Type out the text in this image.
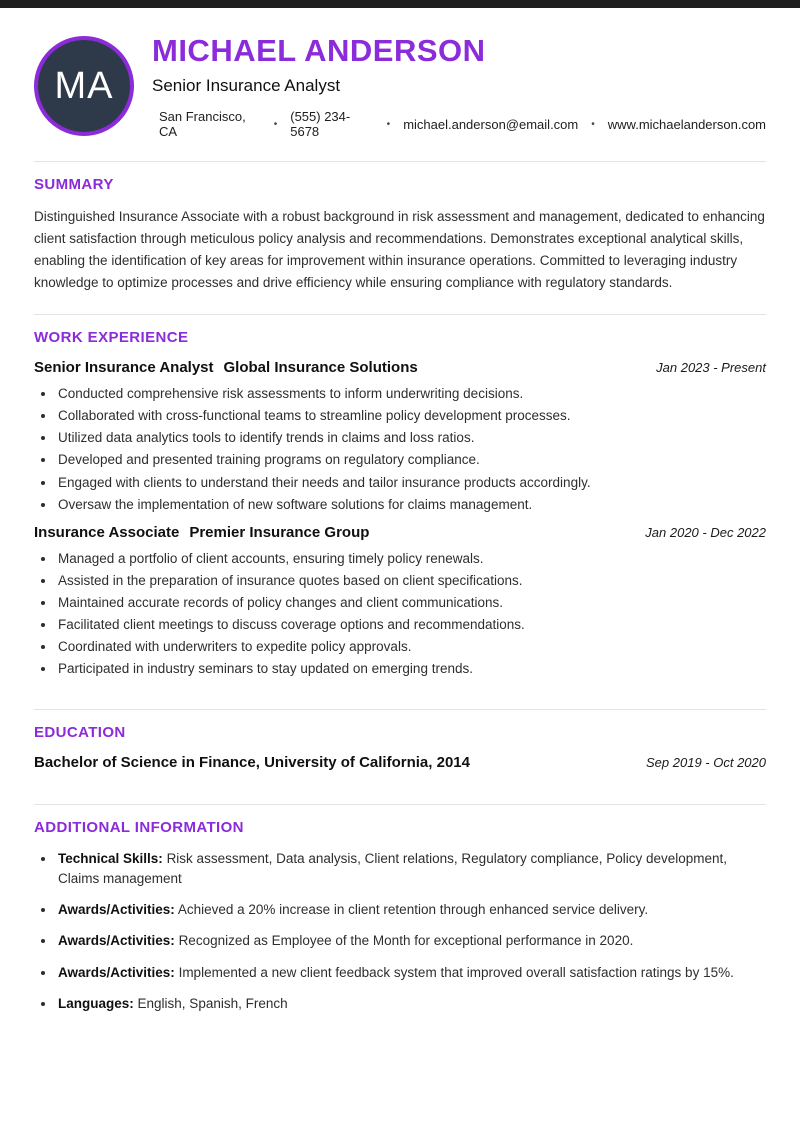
MA
MICHAEL ANDERSON
Senior Insurance Analyst
San Francisco, CA	• (555) 234-5678	• michael.anderson@email.com • www.michaelanderson.com
SUMMARY

Distinguished Insurance Associate with a robust background in risk assessment and management, dedicated to enhancing client satisfaction through meticulous policy analysis and recommendations. Demonstrates exceptional analytical skills, enabling the identification of key areas for improvement within insurance operations. Committed to leveraging industry knowledge to optimize processes and drive efficiency while ensuring compliance with regulatory standards.

WORK EXPERIENCE
Senior Insurance Analyst Global Insurance Solutions	Jan 2023 - Present
• Conducted comprehensive risk assessments to inform underwriting decisions.
• Collaborated with cross-functional teams to streamline policy development processes.
• Utilized data analytics tools to identify trends in claims and loss ratios.
• Developed and presented training programs on regulatory compliance.
• Engaged with clients to understand their needs and tailor insurance products accordingly.
• Oversaw the implementation of new software solutions for claims management.
Insurance Associate Premier Insurance Group	Jan 2020 - Dec 2022
• Managed a portfolio of client accounts, ensuring timely policy renewals.
• Assisted in the preparation of insurance quotes based on client specifications.
• Maintained accurate records of policy changes and client communications.
• Facilitated client meetings to discuss coverage options and recommendations.
• Coordinated with underwriters to expedite policy approvals.
• Participated in industry seminars to stay updated on emerging trends.
EDUCATION
Bachelor of Science in Finance, University of California, 2014	Sep 2019 - Oct 2020
ADDITIONAL INFORMATION
• Technical Skills: Risk assessment, Data analysis, Client relations, Regulatory compliance, Policy development, Claims management
• Awards/Activities: Achieved a 20% increase in client retention through enhanced service delivery.
• Awards/Activities: Recognized as Employee of the Month for exceptional performance in 2020.
• Awards/Activities: Implemented a new client feedback system that improved overall satisfaction ratings by 15%.
• Languages: English, Spanish, French
